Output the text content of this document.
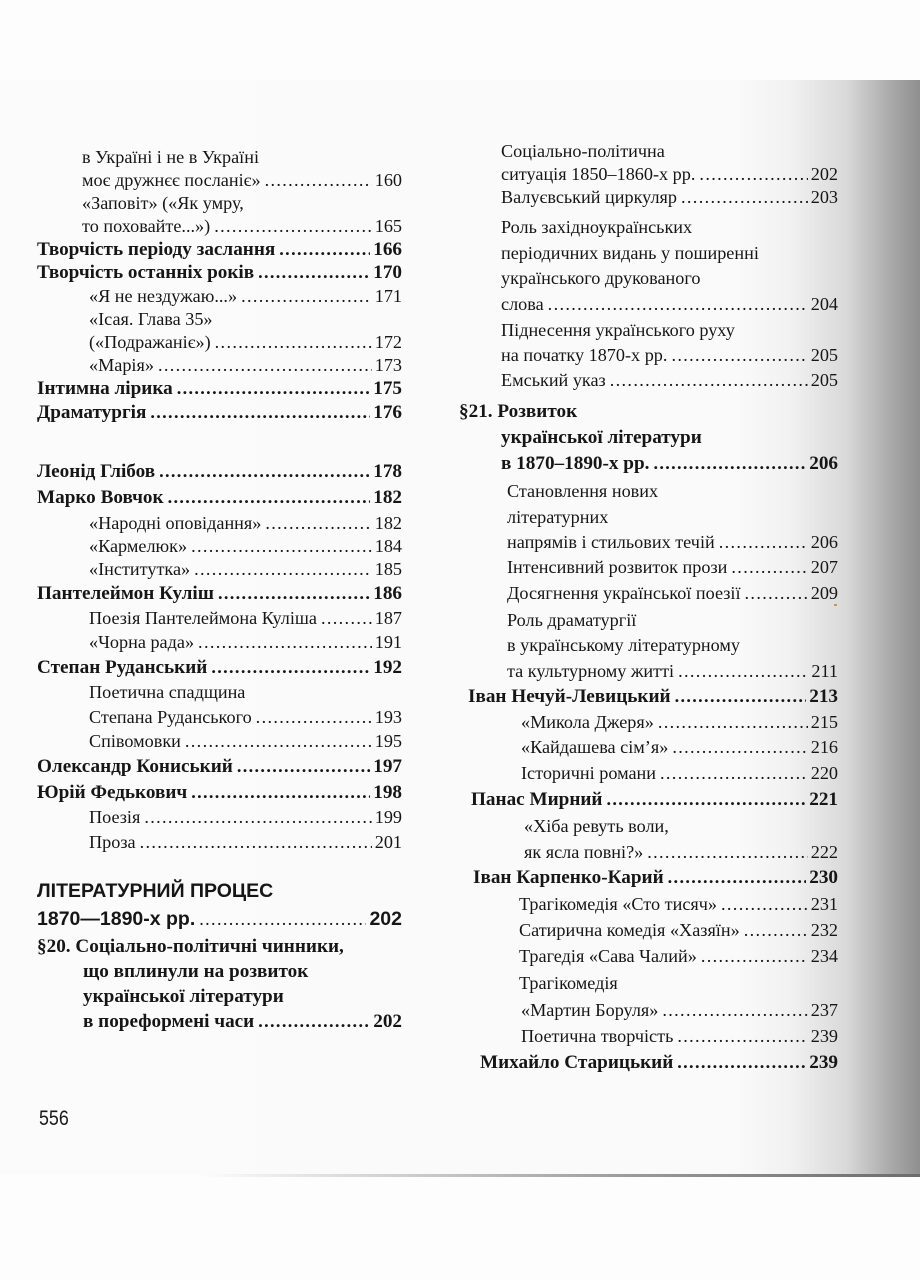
в Україні і не в Україні
моє дружнєє посланіє» . . .	160
«Заповіт» («Як умру,
то поховайте...») . . .	165
Творчість періоду заслання . . .	166
Творчість останніх років . . .	170
«Я не нездужаю...» . . .	171
«Ісая. Глава 35»
(«Подражаніє») . . .	172
«Марія» . . .	173
Інтимна лірика . . .	175
Драматургія . . .	176
Леонід Глібов . . .	178
Марко Вовчок . . .	182
«Народні оповідання» . . .	182
«Кармелюк» . . .	184
«Інститутка» . . .	185
Пантелеймон Куліш . . .	186
Поезія Пантелеймона Куліша . . .	187
«Чорна рада» . . .	191
Степан Руданський . . .	192
Поетична спадщина
Степана Руданського . . .	193
Співомовки . . .	195
Олександр Кониський . . .	197
Юрій Федькович . . .	198
Поезія . . .	199
Проза . . .	201
ЛІТЕРАТУРНИЙ ПРОЦЕС
1870—1890-х рр. . . .	202
§20. Соціально-політичні чинники,
що вплинули на розвиток
української літератури
в пореформені часи . . .	202
Соціально-політична
ситуація 1850–1860-х рр. . . .	202
Валуєвський циркуляр . . .	203
Роль західноукраїнських
періодичних видань у поширенні
українського друкованого
слова . . .	204
Піднесення українського руху
на початку 1870-х рр. . . .	205
Емський указ . . .	205
§21. Розвиток
української літератури
в 1870–1890-х рр. . . .	206
Становлення нових
літературних
напрямів і стильових течій . . .	206
Інтенсивний розвиток прози . . .	207
Досягнення української поезії . . .	209
Роль драматургії
в українському літературному
та культурному житті . . .	211
Іван Нечуй-Левицький . . .	213
«Микола Джеря» . . .	215
«Кайдашева сім’я» . . .	216
Історичні романи . . .	220
Панас Мирний . . .	221
«Хіба ревуть воли,
як ясла повні?» . . .	222
Іван Карпенко-Карий . . .	230
Трагікомедія «Сто тисяч» . . .	231
Сатирична комедія «Хазяїн» . . .	232
Трагедія «Сава Чалий» . . .	234
Трагікомедія
«Мартин Боруля» . . .	237
Поетична творчість . . .	239
Михайло Старицький . . .	239
556
